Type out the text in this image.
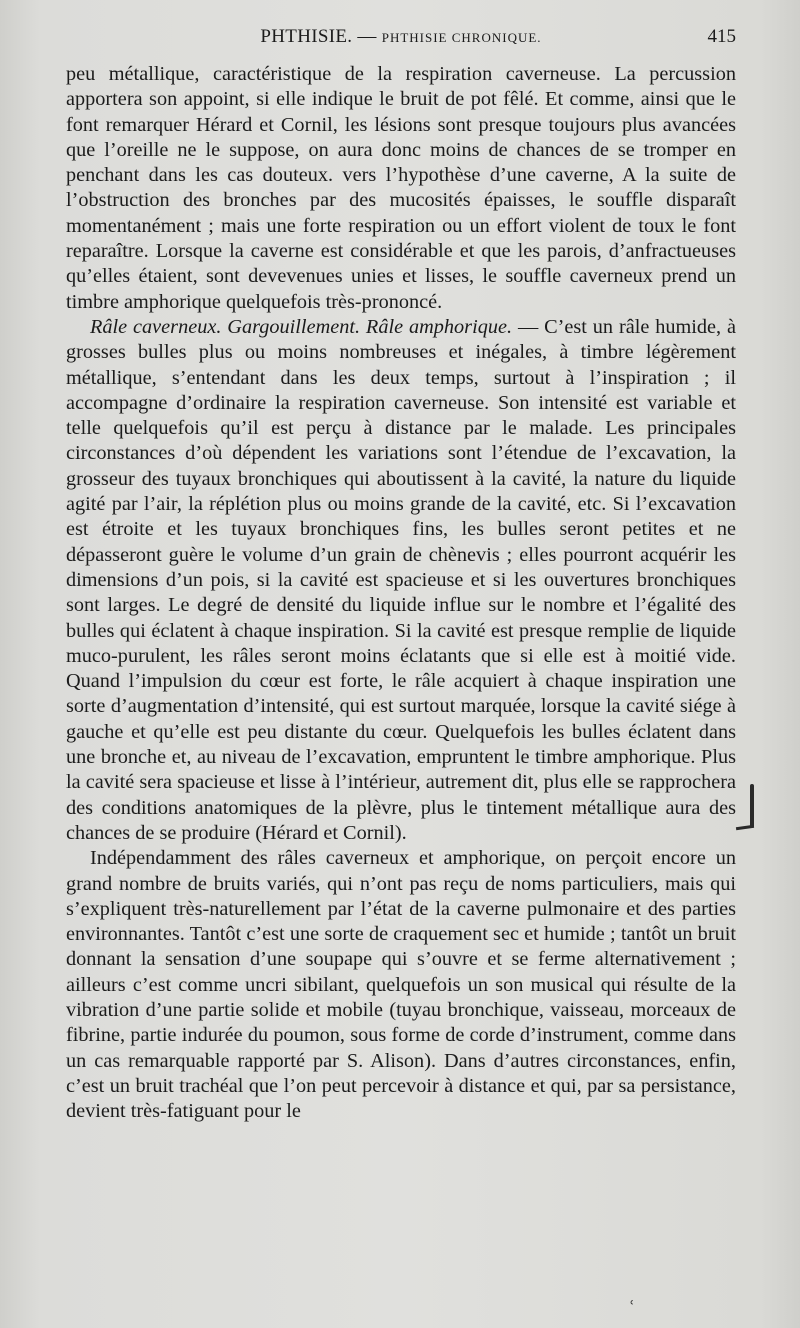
PHTHISIE. — PHTHISIE CHRONIQUE.	415

peu métallique, caractéristique de la respiration caverneuse. La percussion apportera son appoint, si elle indique le bruit de pot fêlé. Et comme, ainsi que le font remarquer Hérard et Cornil, les lésions sont presque toujours plus avancées que l’oreille ne le suppose, on aura donc moins de chances de se tromper en penchant dans les cas douteux. vers l’hypothèse d’une caverne, A la suite de l’obstruction des bronches par des mucosités épaisses, le souffle disparaît momentanément ; mais une forte respiration ou un effort violent de toux le font reparaître. Lorsque la caverne est considérable et que les parois, d’anfractueuses qu’elles étaient, sont devevenues unies et lisses, le souffle caverneux prend un timbre amphorique quelquefois très-prononcé.

Râle caverneux. Gargouillement. Râle amphorique. — C’est un râle humide, à grosses bulles plus ou moins nombreuses et inégales, à timbre légèrement métallique, s’entendant dans les deux temps, surtout à l’inspiration ; il accompagne d’ordinaire la respiration caverneuse. Son intensité est variable et telle quelquefois qu’il est perçu à distance par le malade. Les principales circonstances d’où dépendent les variations sont l’étendue de l’excavation, la grosseur des tuyaux bronchiques qui aboutissent à la cavité, la nature du liquide agité par l’air, la réplétion plus ou moins grande de la cavité, etc. Si l’excavation est étroite et les tuyaux bronchiques fins, les bulles seront petites et ne dépasseront guère le volume d’un grain de chènevis ; elles pourront acquérir les dimensions d’un pois, si la cavité est spacieuse et si les ouvertures bronchiques sont larges. Le degré de densité du liquide influe sur le nombre et l’égalité des bulles qui éclatent à chaque inspiration. Si la cavité est presque remplie de liquide muco-purulent, les râles seront moins éclatants que si elle est à moitié vide. Quand l’impulsion du cœur est forte, le râle acquiert à chaque inspiration une sorte d’augmentation d’intensité, qui est surtout marquée, lorsque la cavité siége à gauche et qu’elle est peu distante du cœur. Quelquefois les bulles éclatent dans une bronche et, au niveau de l’excavation, empruntent le timbre amphorique. Plus la cavité sera spacieuse et lisse à l’intérieur, autrement dit, plus elle se rapprochera des conditions anatomiques de la plèvre, plus le tintement métallique aura des chances de se produire (Hérard et Cornil).

Indépendamment des râles caverneux et amphorique, on perçoit encore un grand nombre de bruits variés, qui n’ont pas reçu de noms particuliers, mais qui s’expliquent très-naturellement par l’état de la caverne pulmonaire et des parties environnantes. Tantôt c’est une sorte de craquement sec et humide ; tantôt un bruit donnant la sensation d’une soupape qui s’ouvre et se ferme alternativement ; ailleurs c’est comme uncri sibilant, quelquefois un son musical qui résulte de la vibration d’une partie solide et mobile (tuyau bronchique, vaisseau, morceaux de fibrine, partie indurée du poumon, sous forme de corde d’instrument, comme dans un cas remarquable rapporté par S. Alison). Dans d’autres circonstances, enfin, c’est un bruit trachéal que l’on peut percevoir à distance et qui, par sa persistance, devient très-fatiguant pour le

ʿ
